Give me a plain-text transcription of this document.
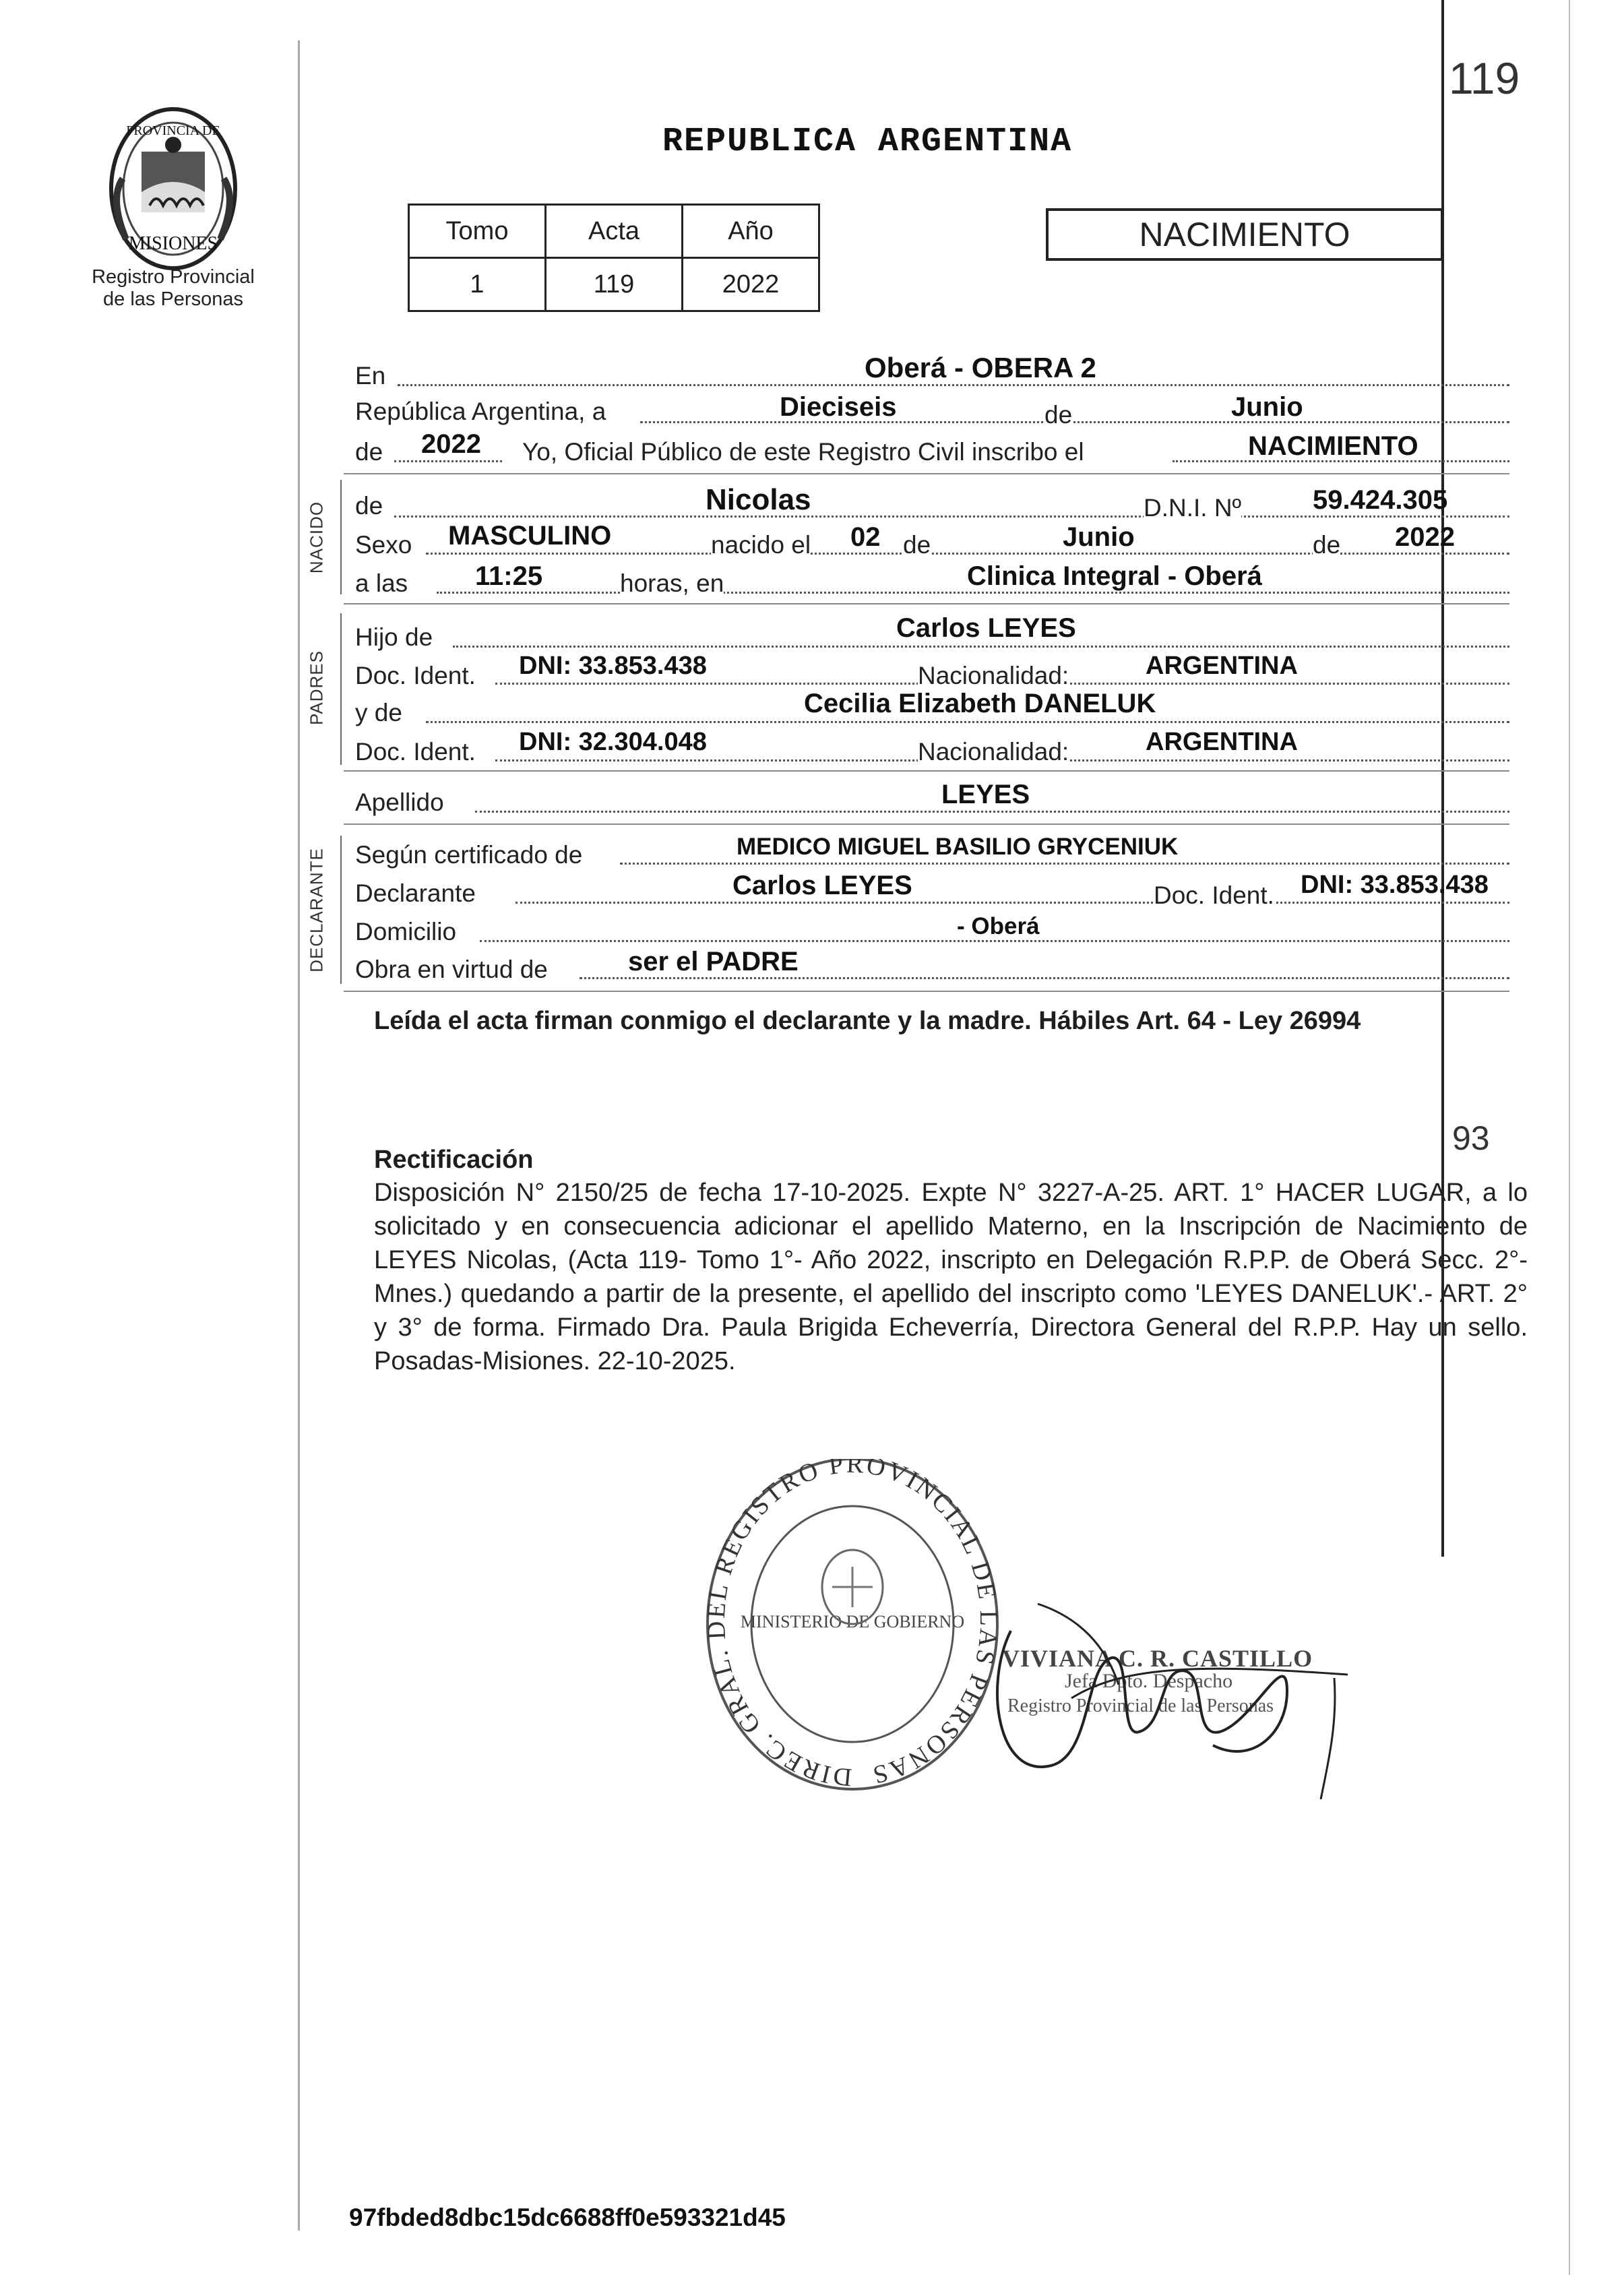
119
PROVINCIA DE
MISIONES
Registro Provincial
de las Personas
REPUBLICA ARGENTINA
Tomo	Acta	Año
1	119	2022
NACIMIENTO
En	Oberá - OBERA 2
República Argentina, a	Dieciseis	de	Junio
de 2022 Yo, Oficial Público de este Registro Civil inscribo el	NACIMIENTO
NACIDO de	Nicolas	D.N.I. Nº	59.424.305
Sexo MASCULINO	nacido el 02 de	Junio	de 2022
a las 11:25	horas, en	Clinica Integral - Oberá
PADRES
Hijo de	Carlos LEYES
Doc. Ident. DNI: 33.853.438	Nacionalidad:	ARGENTINA
y de	Cecilia Elizabeth DANELUK
Doc. Ident. DNI: 32.304.048	Nacionalidad:	ARGENTINA
Apellido	LEYES
DECLARANTE Según certificado de	MEDICO MIGUEL BASILIO GRYCENIUK
Declarante	Carlos LEYES	Doc. Ident. DNI: 33.853.438
Domicilio	- Oberá
Obra en virtud de	ser el PADRE
Leída el acta firman conmigo el declarante y la madre. Hábiles Art. 64 - Ley 26994
93
Rectificación
Disposición N° 2150/25 de fecha 17-10-2025. Expte N° 3227-A-25. ART. 1° HACER LUGAR, a lo solicitado y en consecuencia adicionar el apellido Materno, en la Inscripción de Nacimiento de LEYES Nicolas, (Acta 119- Tomo 1°- Año 2022, inscripto en Delegación R.P.P. de Oberá Secc. 2°- Mnes.) quedando a partir de la presente, el apellido del inscripto como 'LEYES DANELUK'.- ART. 2° y 3° de forma. Firmado Dra. Paula Brigida Echeverría, Directora General del R.P.P. Hay un sello. Posadas-Misiones. 22-10-2025.
DIREC. GRAL. DEL REGISTRO PROVINCIAL DE LAS PERSONAS
MINISTERIO DE GOBIERNO
VIVIANA C. R. CASTILLO
Jefa Dpto. Despacho
Registro Provincial de las Personas
97fbded8dbc15dc6688ff0e593321d45
